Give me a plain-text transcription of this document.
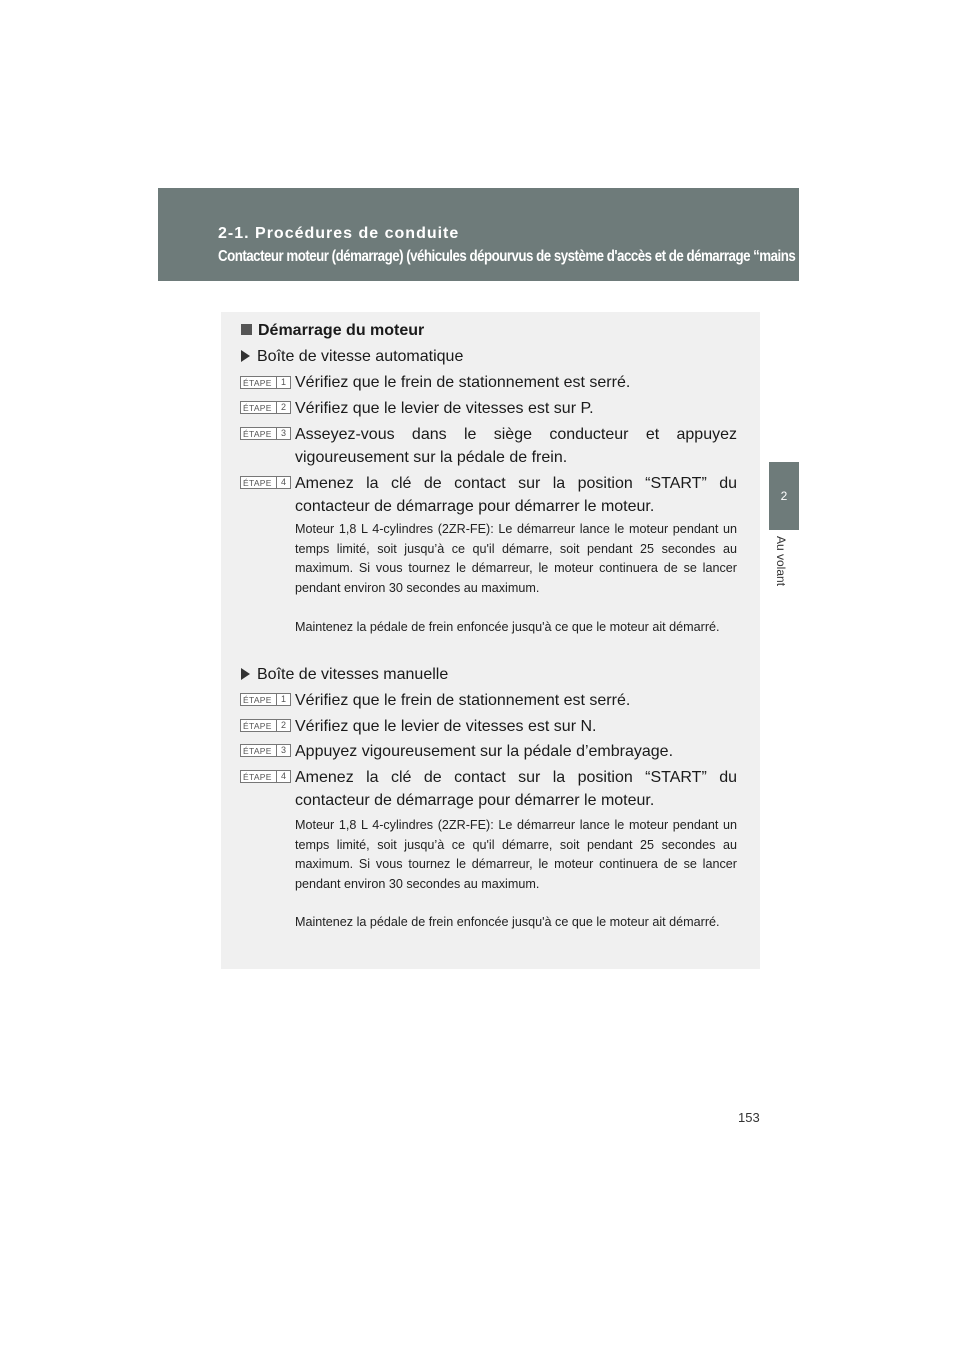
2-1. Procédures de conduite
Contacteur moteur (démarrage) (véhicules dépourvus de système d'accès et de démarrage “mains libres”)
2
Au volant
Démarrage du moteur
Boîte de vitesse automatique
ÉTAPE	1 Vérifiez que le frein de stationnement est serré.
ÉTAPE	2 Vérifiez que le levier de vitesses est sur P.
ÉTAPE	3 Asseyez-vous dans le siège conducteur et appuyez vigoureusement sur la pédale de frein.
ÉTAPE	4 Amenez la clé de contact sur la position “START” du contacteur de démarrage pour démarrer le moteur.
Moteur 1,8 L 4-cylindres (2ZR-FE): Le démarreur lance le moteur pendant un temps limité, soit jusqu’à ce qu'il démarre, soit pendant 25 secondes au maximum. Si vous tournez le démarreur, le moteur continuera de se lancer pendant environ 30 secondes au maximum.
Maintenez la pédale de frein enfoncée jusqu'à ce que le moteur ait démarré.
Boîte de vitesses manuelle
ÉTAPE	1 Vérifiez que le frein de stationnement est serré.
ÉTAPE	2 Vérifiez que le levier de vitesses est sur N.
ÉTAPE	3 Appuyez vigoureusement sur la pédale d’embrayage.
ÉTAPE	4 Amenez la clé de contact sur la position “START” du contacteur de démarrage pour démarrer le moteur.
Moteur 1,8 L 4-cylindres (2ZR-FE): Le démarreur lance le moteur pendant un temps limité, soit jusqu’à ce qu'il démarre, soit pendant 25 secondes au maximum. Si vous tournez le démarreur, le moteur continuera de se lancer pendant environ 30 secondes au maximum.
Maintenez la pédale de frein enfoncée jusqu'à ce que le moteur ait démarré.
153
